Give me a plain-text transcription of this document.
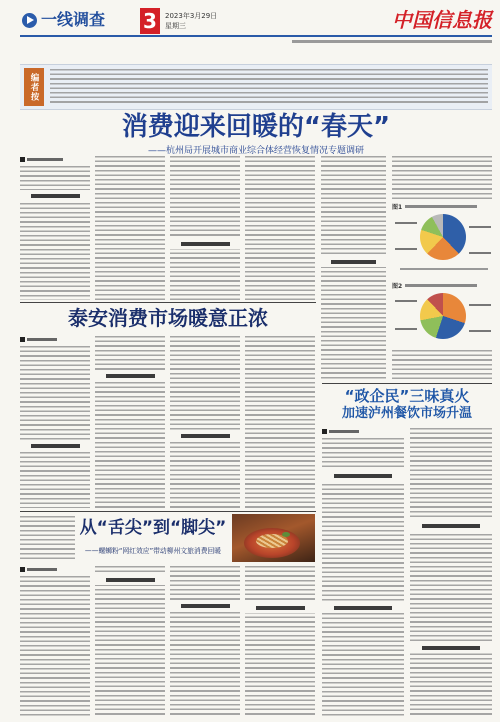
一线调查 3	2023年3月29日
星期三	中国信息报
编者按
消费迎来回暖的“春天”
——杭州局开展城市商业综合体经营恢复情况专题调研
图1
图2
泰安消费市场暖意正浓
“政企民”三味真火
加速泸州餐饮市场升温
从“舌尖”到“脚尖”
——螺蛳粉“网红效应”带动柳州文旅消费回暖
